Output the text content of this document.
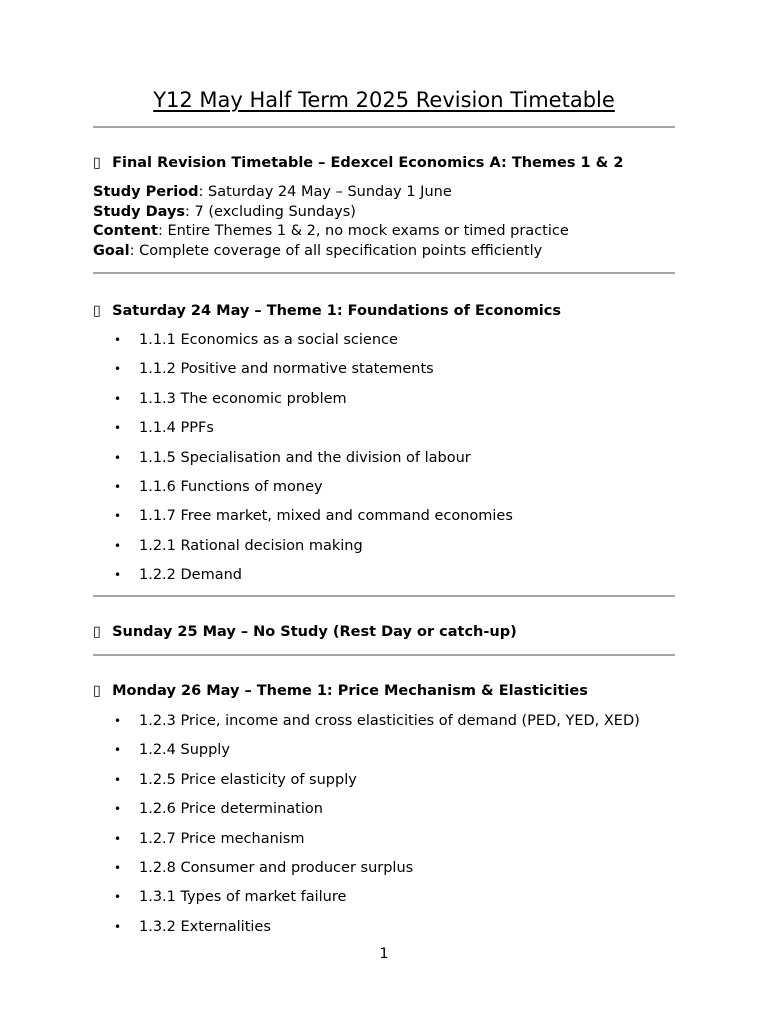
Y12 May Half Term 2025 Revision Timetable
▯ Final Revision Timetable – Edexcel Economics A: Themes 1 & 2
Study Period: Saturday 24 May – Sunday 1 June
Study Days: 7 (excluding Sundays)
Content: Entire Themes 1 & 2, no mock exams or timed practice
Goal: Complete coverage of all specification points efficiently
▯ Saturday 24 May – Theme 1: Foundations of Economics
• 1.1.1 Economics as a social science
• 1.1.2 Positive and normative statements
• 1.1.3 The economic problem
• 1.1.4 PPFs
• 1.1.5 Specialisation and the division of labour
• 1.1.6 Functions of money
• 1.1.7 Free market, mixed and command economies
• 1.2.1 Rational decision making
• 1.2.2 Demand
▯ Sunday 25 May – No Study (Rest Day or catch-up)
▯ Monday 26 May – Theme 1: Price Mechanism & Elasticities
• 1.2.3 Price, income and cross elasticities of demand (PED, YED, XED)
• 1.2.4 Supply
• 1.2.5 Price elasticity of supply
• 1.2.6 Price determination
• 1.2.7 Price mechanism
• 1.2.8 Consumer and producer surplus
• 1.3.1 Types of market failure
• 1.3.2 Externalities
1
